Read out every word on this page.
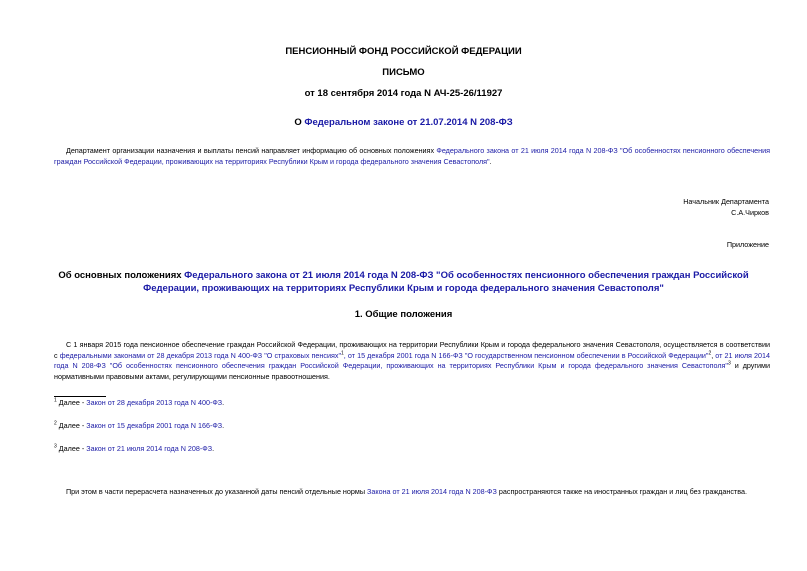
ПЕНСИОННЫЙ ФОНД РОССИЙСКОЙ ФЕДЕРАЦИИ
ПИСЬМО
от 18 сентября 2014 года N АЧ-25-26/11927
О Федеральном законе от 21.07.2014 N 208-ФЗ
Департамент организации назначения и выплаты пенсий направляет информацию об основных положениях Федерального закона от 21 июля 2014 года N 208-ФЗ "Об особенностях пенсионного обеспечения граждан Российской Федерации, проживающих на территориях Республики Крым и города федерального значения Севастополя".
Начальник Департамента
С.А.Чирков
Приложение
Об основных положениях Федерального закона от 21 июля 2014 года N 208-ФЗ "Об особенностях пенсионного обеспечения граждан Российской Федерации, проживающих на территориях Республики Крым и города федерального значения Севастополя"
1. Общие положения
С 1 января 2015 года пенсионное обеспечение граждан Российской Федерации, проживающих на территории Республики Крым и города федерального значения Севастополя, осуществляется в соответствии с федеральными законами от 28 декабря 2013 года N 400-ФЗ "О страховых пенсиях"$^1$, от 15 декабря 2001 года N 166-ФЗ "О государственном пенсионном обеспечении в Российской Федерации"$^2$, от 21 июля 2014 года N 208-ФЗ "Об особенностях пенсионного обеспечения граждан Российской Федерации, проживающих на территориях Республики Крым и города федерального значения Севастополя"$^3$ и другими нормативными правовыми актами, регулирующими пенсионные правоотношения.
$^1$ Далее - Закон от 28 декабря 2013 года N 400-ФЗ.
$^2$ Далее - Закон от 15 декабря 2001 года N 166-ФЗ.
$^3$ Далее - Закон от 21 июля 2014 года N 208-ФЗ.
При этом в части перерасчета назначенных до указанной даты пенсий отдельные нормы Закона от 21 июля 2014 года N 208-ФЗ распространяются также на иностранных граждан и лиц без гражданства.
